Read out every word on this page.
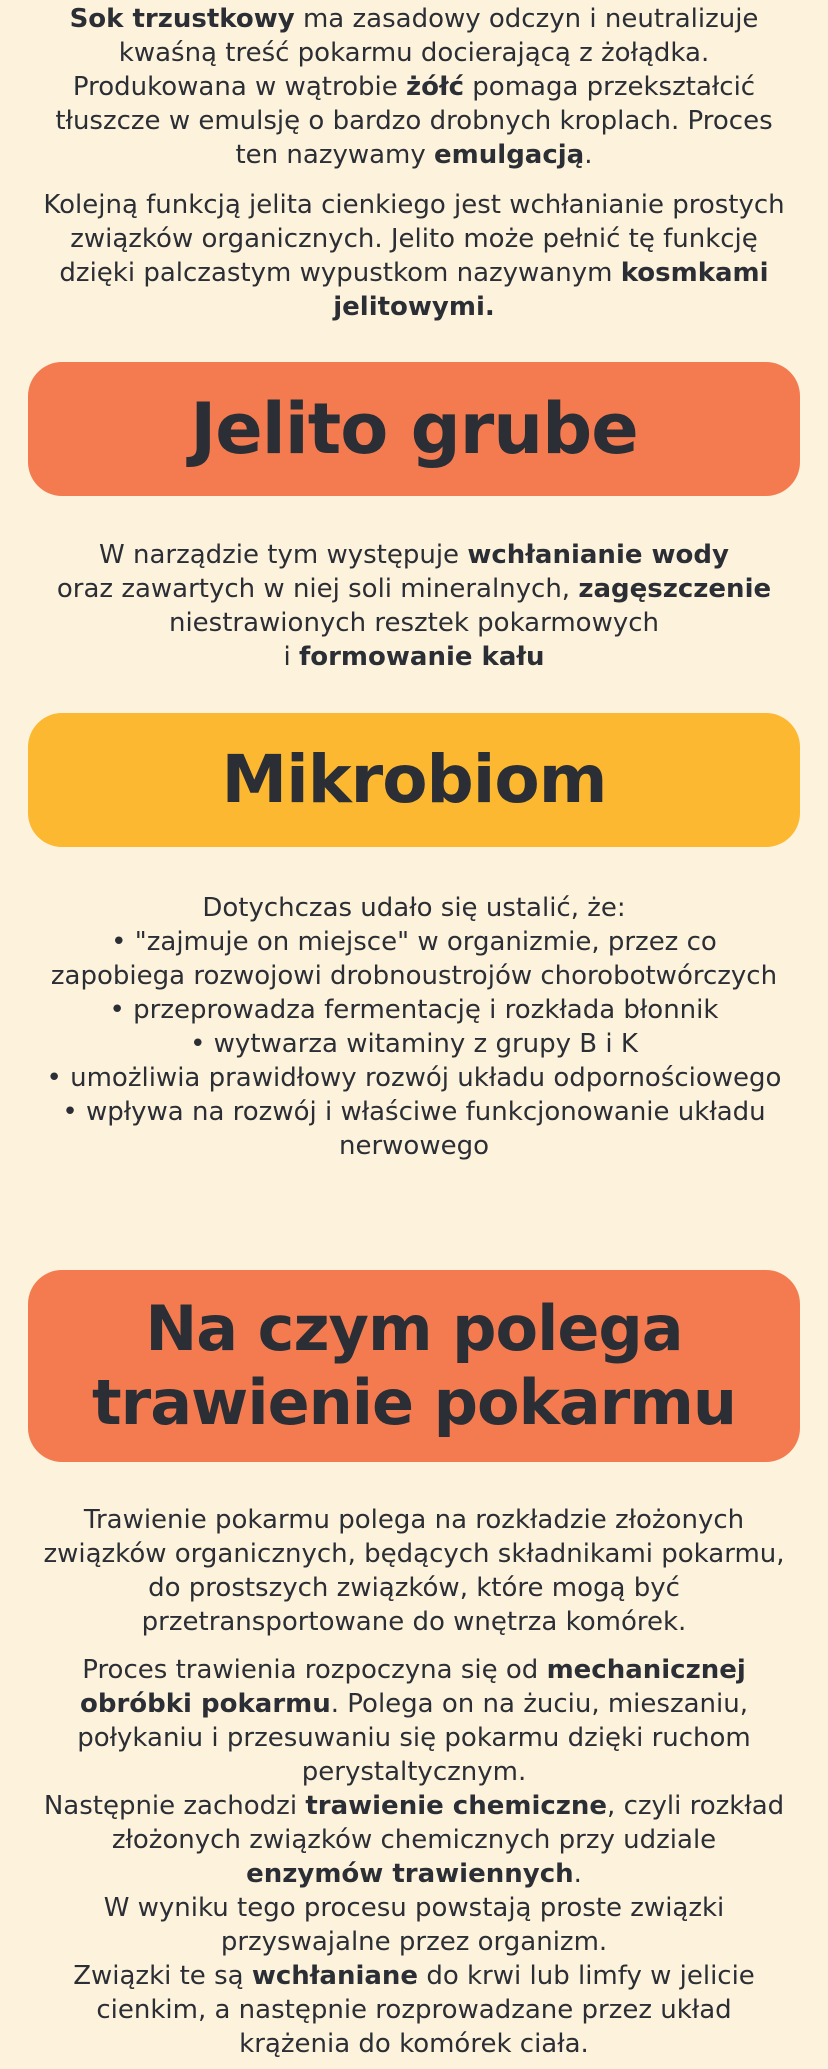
Sok trzustkowy ma zasadowy odczyn i neutralizuje kwaśną treść pokarmu docierającą z żołądka. Produkowana w wątrobie żółć pomaga przekształcić tłuszcze w emulsję o bardzo drobnych kroplach. Proces ten nazywamy emulgacją.

Kolejną funkcją jelita cienkiego jest wchłanianie prostych związków organicznych. Jelito może pełnić tę funkcję dzięki palczastym wypustkom nazywanym kosmkami jelitowymi.

Jelito grube

W narządzie tym występuje wchłanianie wody
oraz zawartych w niej soli mineralnych, zagęszczenie
niestrawionych resztek pokarmowych
i formowanie kału

Mikrobiom
Dotychczas udało się ustalić, że:
• "zajmuje on miejsce" w organizmie, przez co zapobiega rozwojowi drobnoustrojów chorobotwórczych
• przeprowadza fermentację i rozkłada błonnik
• wytwarza witaminy z grupy B i K
• umożliwia prawidłowy rozwój układu odpornościowego
• wpływa na rozwój i właściwe funkcjonowanie układu nerwowego
Na czym polega
trawienie pokarmu

Trawienie pokarmu polega na rozkładzie złożonych związków organicznych, będących składnikami pokarmu, do prostszych związków, które mogą być przetransportowane do wnętrza komórek.

Proces trawienia rozpoczyna się od mechanicznej obróbki pokarmu. Polega on na żuciu, mieszaniu, połykaniu i przesuwaniu się pokarmu dzięki ruchom perystaltycznym.
Następnie zachodzi trawienie chemiczne, czyli rozkład złożonych związków chemicznych przy udziale enzymów trawiennych.
W wyniku tego procesu powstają proste związki przyswajalne przez organizm.
Związki te są wchłaniane do krwi lub limfy w jelicie cienkim, a następnie rozprowadzane przez układ krążenia do komórek ciała.
